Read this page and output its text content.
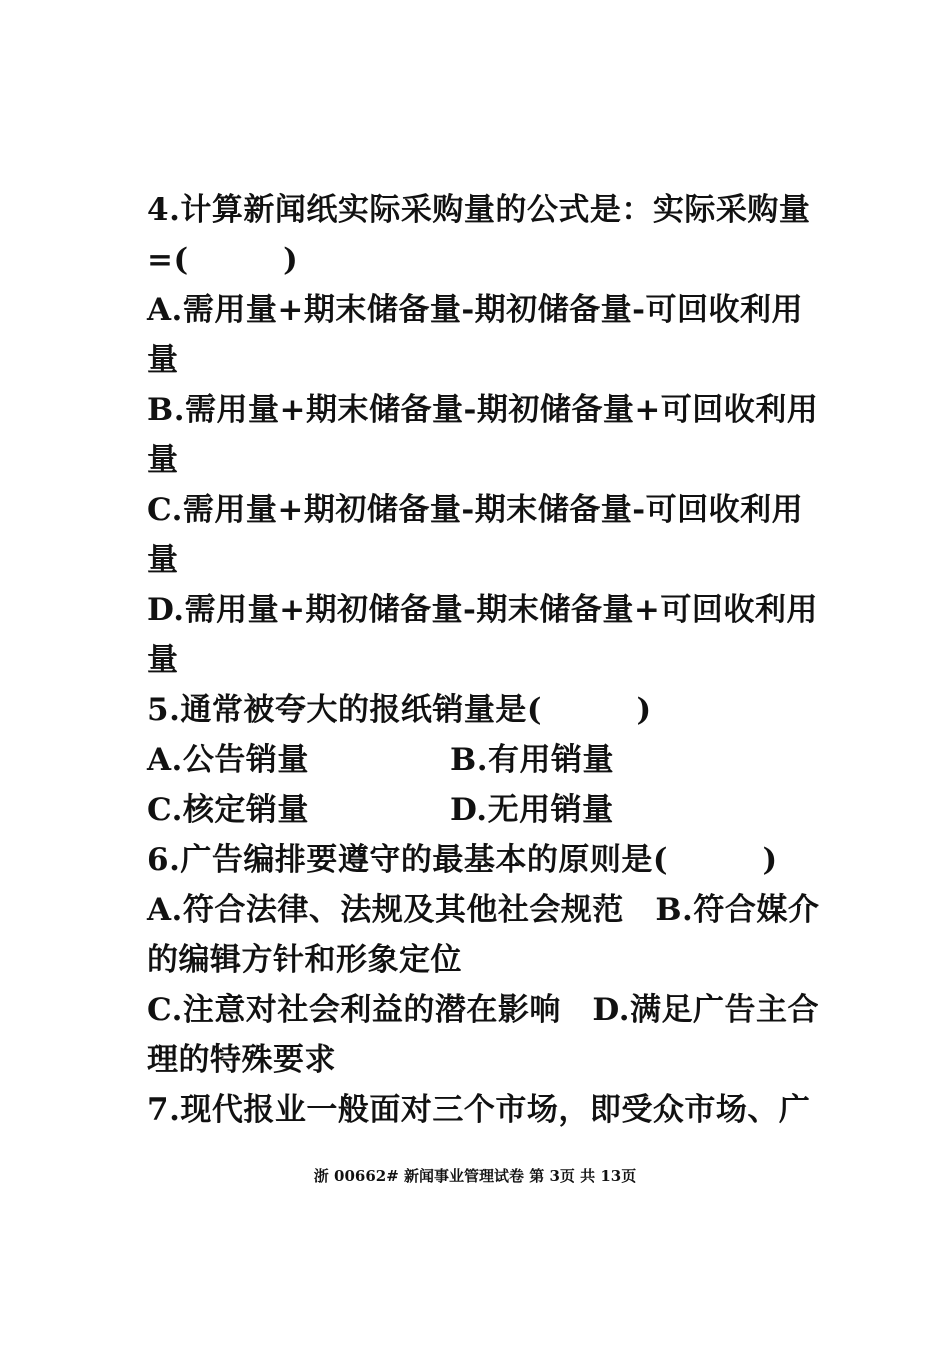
4.计算新闻纸实际采购量的公式是：实际采购量
=(　　　)
A.需用量+期末储备量-期初储备量-可回收利用
量
B.需用量+期末储备量-期初储备量+可回收利用
量
C.需用量+期初储备量-期末储备量-可回收利用
量
D.需用量+期初储备量-期末储备量+可回收利用
量
5.通常被夸大的报纸销量是(　　　)
A.公告销量	B.有用销量
C.核定销量	D.无用销量
6.广告编排要遵守的最基本的原则是(　　　)
A.符合法律、法规及其他社会规范　B.符合媒介
的编辑方针和形象定位
C.注意对社会利益的潜在影响　D.满足广告主合
理的特殊要求
7.现代报业一般面对三个市场，即受众市场、广
浙 00662# 新闻事业管理试卷 第 3页 共 13页
